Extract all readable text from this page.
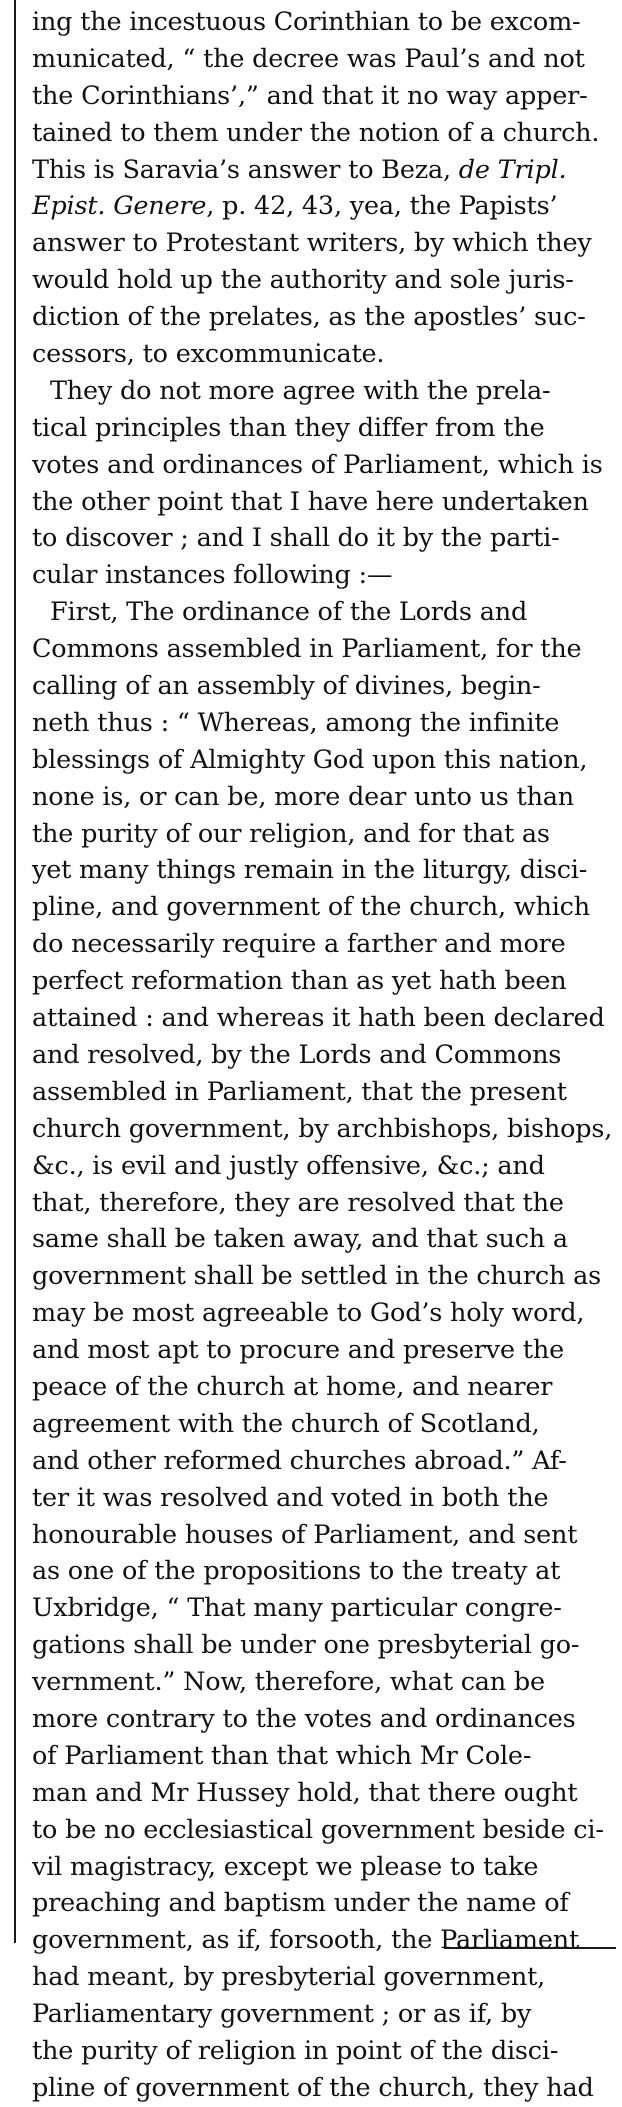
ing the incestuous Corinthian to be excom-
municated, “ the decree was Paul’s and not
the Corinthians’,” and that it no way apper-
tained to them under the notion of a church.
This is Saravia’s answer to Beza, de Tripl.
Epist. Genere, p. 42, 43, yea, the Papists’
answer to Protestant writers, by which they
would hold up the authority and sole juris-
diction of the prelates, as the apostles’ suc-
cessors, to excommunicate.
They do not more agree with the prela-
tical principles than they differ from the
votes and ordinances of Parliament, which is
the other point that I have here undertaken
to discover ; and I shall do it by the parti-
cular instances following :—
First, The ordinance of the Lords and
Commons assembled in Parliament, for the
calling of an assembly of divines, begin-
neth thus : “ Whereas, among the infinite
blessings of Almighty God upon this nation,
none is, or can be, more dear unto us than
the purity of our religion, and for that as
yet many things remain in the liturgy, disci-
pline, and government of the church, which
do necessarily require a farther and more
perfect reformation than as yet hath been
attained : and whereas it hath been declared
and resolved, by the Lords and Commons
assembled in Parliament, that the present
church government, by archbishops, bishops,
&c., is evil and justly offensive, &c.; and
that, therefore, they are resolved that the
same shall be taken away, and that such a
government shall be settled in the church as
may be most agreeable to God’s holy word,
and most apt to procure and preserve the
peace of the church at home, and nearer
agreement with the church of Scotland,
and other reformed churches abroad.” Af-
ter it was resolved and voted in both the
honourable houses of Parliament, and sent
as one of the propositions to the treaty at
Uxbridge, “ That many particular congre-
gations shall be under one presbyterial go-
vernment.” Now, therefore, what can be
more contrary to the votes and ordinances
of Parliament than that which Mr Cole-
man and Mr Hussey hold, that there ought
to be no ecclesiastical government beside ci-
vil magistracy, except we please to take
preaching and baptism under the name of
government, as if, forsooth, the Parliament
had meant, by presbyterial government,
Parliamentary government ; or as if, by
the purity of religion in point of the disci-
pline of government of the church, they had
